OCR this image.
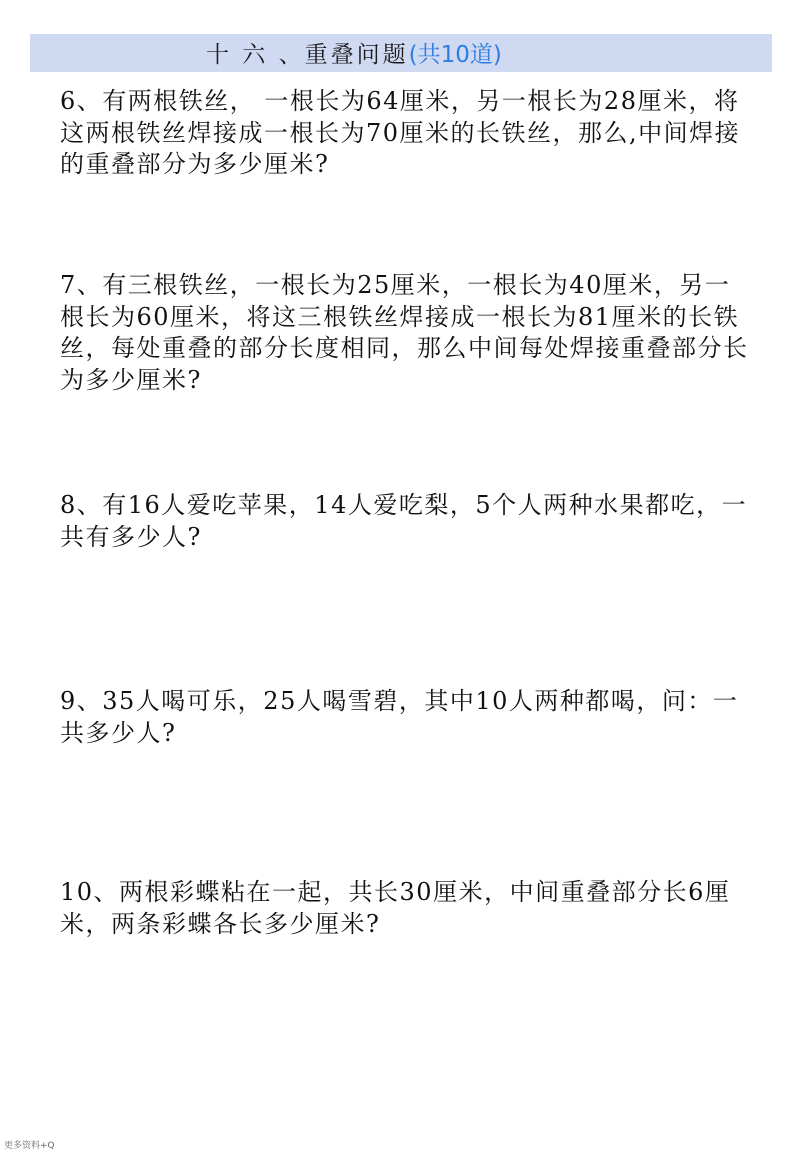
十 六 、重叠问题(共10道)

6、有两根铁丝， 一根长为64厘米，另一根长为28厘米，将这两根铁丝焊接成一根长为70厘米的长铁丝，那么,中间焊接的重叠部分为多少厘米?

7、有三根铁丝，一根长为25厘米，一根长为40厘米，另一根长为60厘米，将这三根铁丝焊接成一根长为81厘米的长铁丝，每处重叠的部分长度相同，那么中间每处焊接重叠部分长为多少厘米?

8、有16人爱吃苹果，14人爱吃梨，5个人两种水果都吃，一共有多少人?

9、35人喝可乐，25人喝雪碧，其中10人两种都喝，问：一共多少人?

10、两根彩蝶粘在一起，共长30厘米，中间重叠部分长6厘米，两条彩蝶各长多少厘米?

更多资料+Q
